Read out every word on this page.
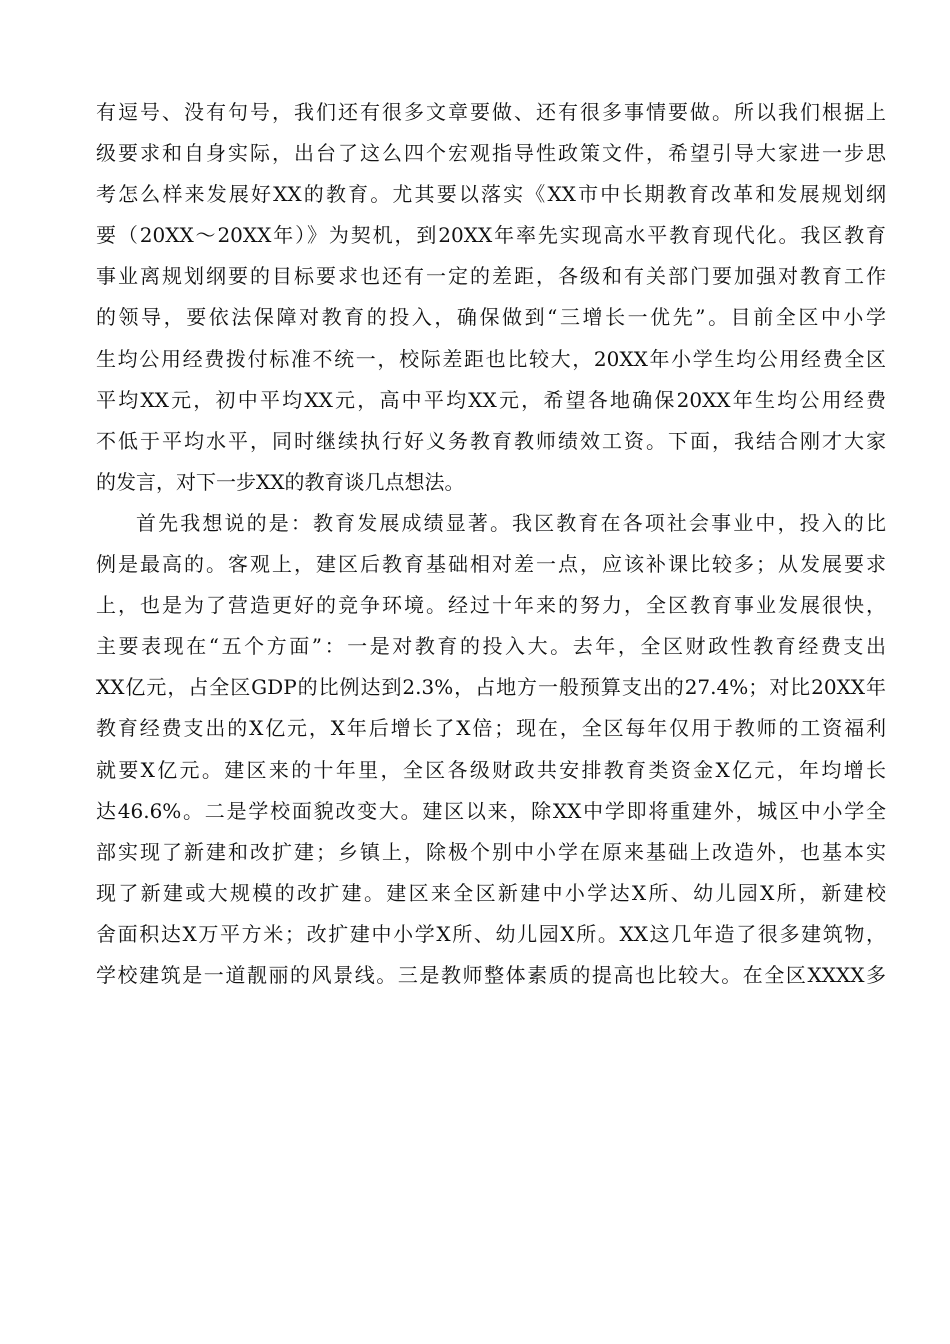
有逗号、没有句号，我们还有很多文章要做、还有很多事情要做。所以我们根据上
级要求和自身实际，出台了这么四个宏观指导性政策文件，希望引导大家进一步思
考怎么样来发展好XX的教育。尤其要以落实《XX市中长期教育改革和发展规划纲
要（20XX～20XX年）》为契机，到20XX年率先实现高水平教育现代化。我区教育
事业离规划纲要的目标要求也还有一定的差距，各级和有关部门要加强对教育工作
的领导，要依法保障对教育的投入，确保做到“三增长一优先”。目前全区中小学
生均公用经费拨付标准不统一，校际差距也比较大，20XX年小学生均公用经费全区
平均XX元，初中平均XX元，高中平均XX元，希望各地确保20XX年生均公用经费
不低于平均水平，同时继续执行好义务教育教师绩效工资。下面，我结合刚才大家
的发言，对下一步XX的教育谈几点想法。
首先我想说的是：教育发展成绩显著。我区教育在各项社会事业中，投入的比
例是最高的。客观上，建区后教育基础相对差一点，应该补课比较多；从发展要求
上，也是为了营造更好的竞争环境。经过十年来的努力，全区教育事业发展很快，
主要表现在“五个方面”：一是对教育的投入大。去年，全区财政性教育经费支出
XX亿元，占全区GDP的比例达到2.3%，占地方一般预算支出的27.4%；对比20XX年
教育经费支出的X亿元，X年后增长了X倍；现在，全区每年仅用于教师的工资福利
就要X亿元。建区来的十年里，全区各级财政共安排教育类资金X亿元，年均增长
达46.6%。二是学校面貌改变大。建区以来，除XX中学即将重建外，城区中小学全
部实现了新建和改扩建；乡镇上，除极个别中小学在原来基础上改造外，也基本实
现了新建或大规模的改扩建。建区来全区新建中小学达X所、幼儿园X所，新建校
舍面积达X万平方米；改扩建中小学X所、幼儿园X所。XX这几年造了很多建筑物，
学校建筑是一道靓丽的风景线。三是教师整体素质的提高也比较大。在全区XXXX多
